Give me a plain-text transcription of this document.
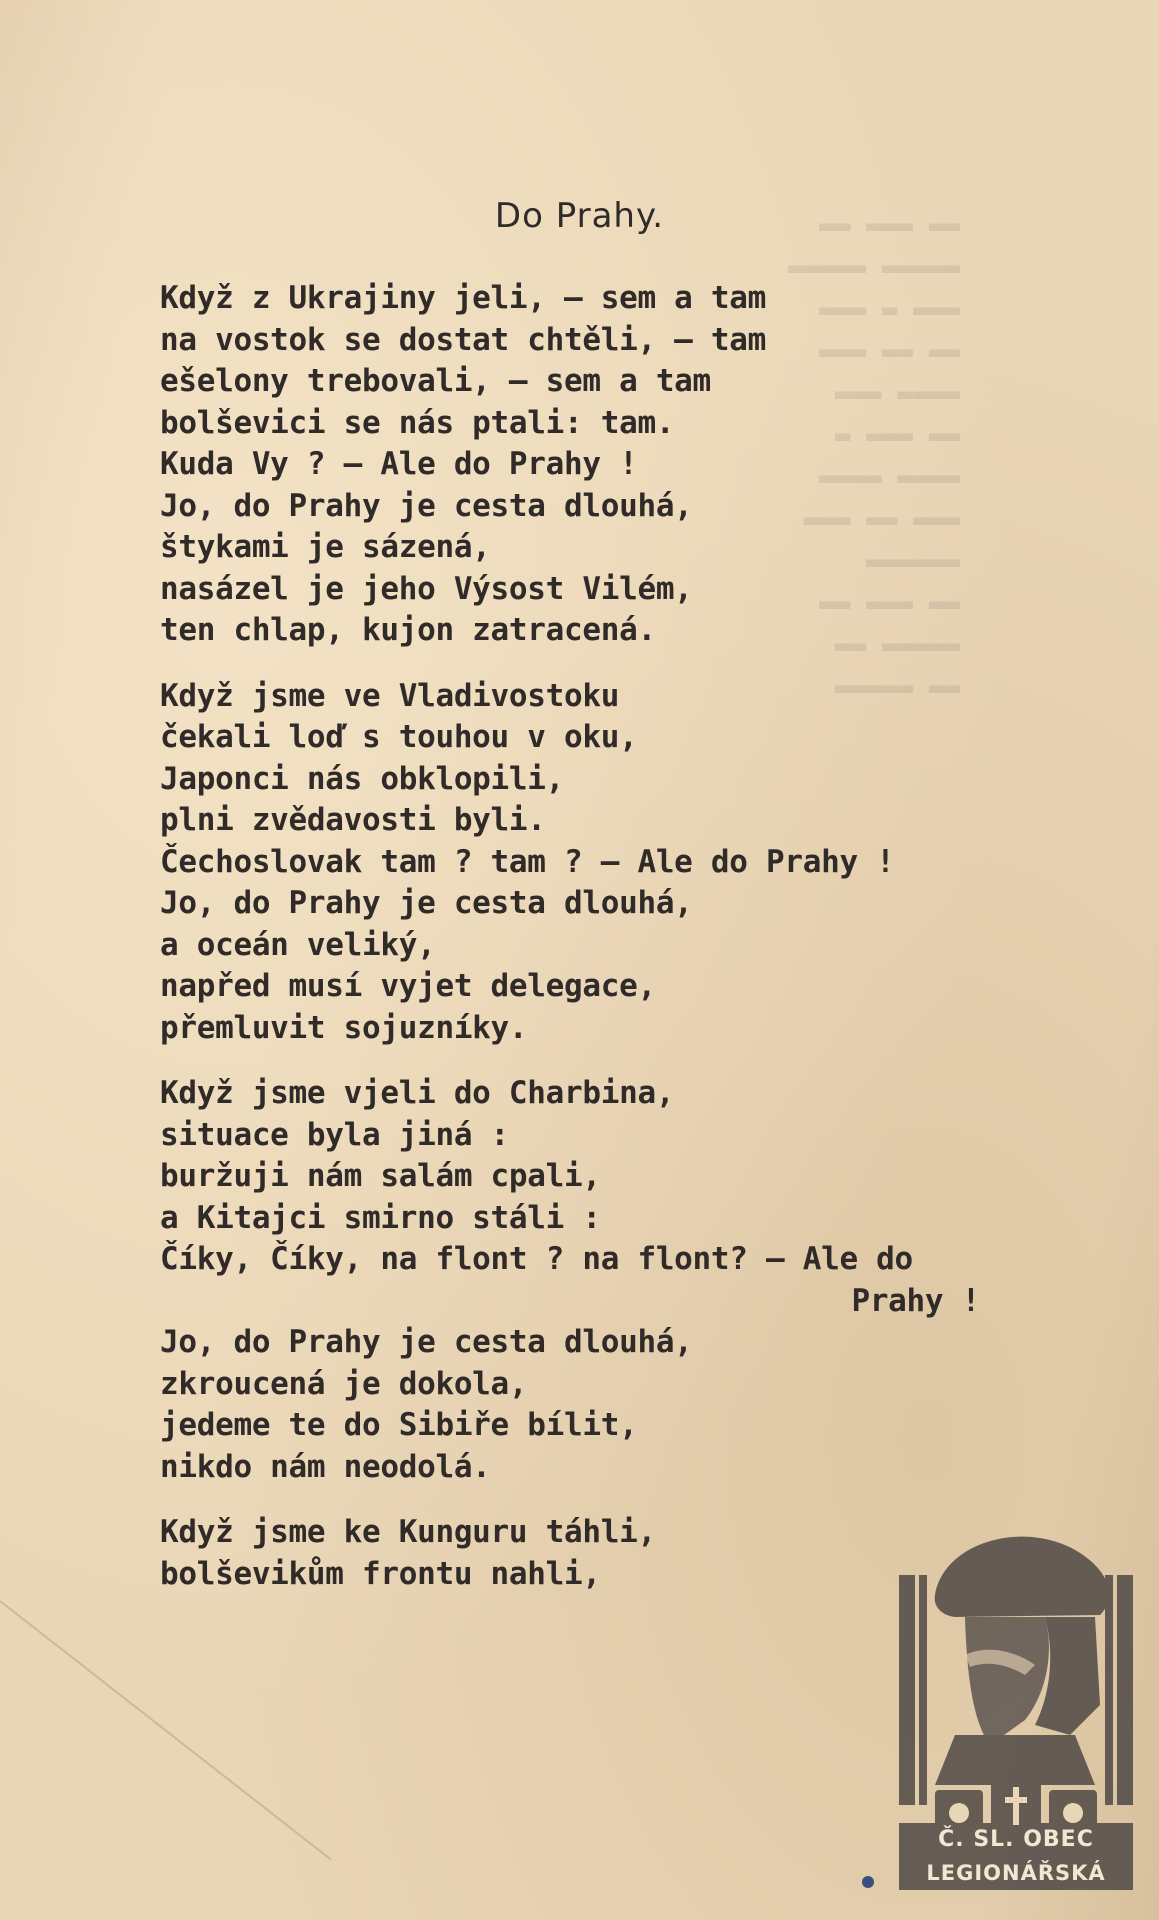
▬▬ ▬▬▬ ▬▬
▬▬▬▬▬ ▬▬▬▬▬
▬▬▬ ▬ ▬▬▬
▬▬ ▬▬ ▬▬▬
▬▬▬▬ ▬▬▬
▬▬ ▬▬▬ ▬
▬▬▬▬ ▬▬▬▬
▬▬▬ ▬▬ ▬▬▬
▬▬▬▬▬▬
▬▬ ▬▬▬ ▬▬
▬▬▬▬▬ ▬▬
▬▬ ▬▬▬▬▬
Do Prahy.
Když z Ukrajiny jeli, — sem a tam
na vostok se dostat chtěli, — tam
ešelony trebovali, — sem a tam
bolševici se nás ptali: tam.
Kuda Vy ? — Ale do Prahy !
Jo, do Prahy je cesta dlouhá,
štykami je sázená,
nasázel je jeho Výsost Vilém,
ten chlap, kujon zatracená.
Když jsme ve Vladivostoku
čekali loď s touhou v oku,
Japonci nás obklopili,
plni zvědavosti byli.
Čechoslovak tam ? tam ? — Ale do Prahy !
Jo, do Prahy je cesta dlouhá,
a oceán veliký,
napřed musí vyjet delegace,
přemluvit sojuzníky.
Když jsme vjeli do Charbina,
situace byla jiná :
buržuji nám salám cpali,
a Kitajci smirno stáli :
Číky, Číky, na flont ? na flont? — Ale do
Prahy !
Jo, do Prahy je cesta dlouhá,
zkroucená je dokola,
jedeme te do Sibiře bílit,
nikdo nám neodolá.
Když jsme ke Kunguru táhli,
bolševikům frontu nahli,
Č. SL. OBEC
LEGIONÁŘSKÁ
